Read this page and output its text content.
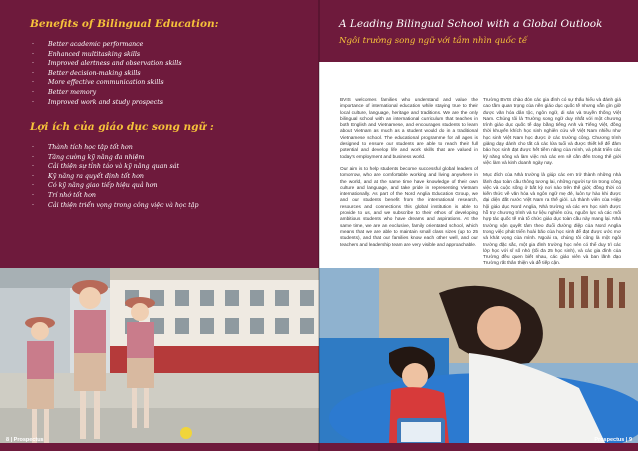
Benefits of Bilingual Education:
· Better academic performance
· Enhanced multitasking skills
· Improved alertness and observation skills
· Better decision-making skills
· More effective communication skills
· Better memory
· Improved work and study prospects
Lợi ích của giáo dục song ngữ :
· Thành tích học tập tốt hơn
· Tăng cường kỹ năng đa nhiệm
· Cải thiện sự tỉnh táo và kỹ năng quan sát
· Kỹ năng ra quyết định tốt hơn
· Có kỹ năng giao tiếp hiệu quả hơn
· Trí nhớ tốt hơn
· Cải thiện triển vọng trong công việc và học tập
A Leading Bilingual School with a Global Outlook
Ngôi trường song ngữ với tầm nhìn quốc tế

BVIS welcomes families who understand and value the importance of international education while staying true to their local culture, language, heritage and traditions. We are the only bilingual school with an international curriculum that teaches in both English and Vietnamese, and encourages students to learn about Vietnam as much as a student would do in a traditional Vietnamese school. The educational programme for all ages is designed to ensure our students are able to reach their full potential and develop life and work skills that are valued in today's employment and business world.

Our aim is to help students become successful global leaders of tomorrow, who are comfortable working and living anywhere in the world, and at the same time have knowledge of their own culture and language, and take pride in representing Vietnam internationally. As part of the Nord Anglia Education Group, we and our students benefit from the international research, resources and connections this global institution is able to provide to us, and we subscribe to their ethos of developing ambitious students who have dreams and aspirations. At the same time, we are an exclusive, family orientated school, which means that we are able to maintain small class sizes (up to 25 students), and that our families know each other well, and our teachers and leadership team are very visible and approachable.

Trường BVIS chào đón các gia đình có sự thấu hiểu và đánh giá cao tầm quan trọng của nền giáo dục quốc tế nhưng vẫn gìn giữ được văn hóa dân tộc, ngôn ngữ, di sản và truyền thống Việt Nam. Chúng tôi là Trường song ngữ duy nhất với một chương trình giáo dục quốc tế dạy bằng tiếng Anh và Tiếng Việt, đồng thời khuyến khích học sinh nghiên cứu về Việt Nam nhiều như học sinh Việt Nam học được ở các trường công. Chương trình giảng dạy dành cho tất cả các lứa tuổi và được thiết kế để đảm bảo học sinh đạt được hết tiềm năng của mình, và phát triển các kỹ năng sống và làm việc mà các em sẽ cần đến trong thế giới việc làm và kinh doanh ngày nay.

Mục đích của Nhà trường là giúp các em trở thành những nhà lãnh đạo toàn cầu thông tương lai, những người tự tin trong công việc và cuộc sống ở bất kỳ nơi nào trên thế giới; đồng thời có kiến thức về văn hóa và ngôn ngữ mẹ đẻ, luôn tự hào khi được đại diện đất nước Việt Nam ra thế giới. Là thành viên của Hiệp hội giáo dục Nord Anglia, Nhà trường và các em học sinh được hỗ trợ chương trình và tư liệu nghiên cứu, nguồn lực và các mối hợp tác quốc tế mà tổ chức giáo dục toàn cầu này mang lại. Nhà trường vận quyết tâm theo đuổi đường điệp của Nord Anglia trong việc phát triển hoài bão của học sinh để đạt được ước mơ và khát vọng của mình. Ngoài ra, chúng tôi cũng là một ngôi trường đặc sắc, một gia đình trường học nên có thể duy trì các lớp học với sĩ số nhỏ (tối đa 25 học sinh), và các gia đình của Trường đều quen biết nhau, các giáo viên và ban lãnh đạo Trường rất thân thiện và dễ tiếp cận.

8 | Prospectus	Prospectus | 9
